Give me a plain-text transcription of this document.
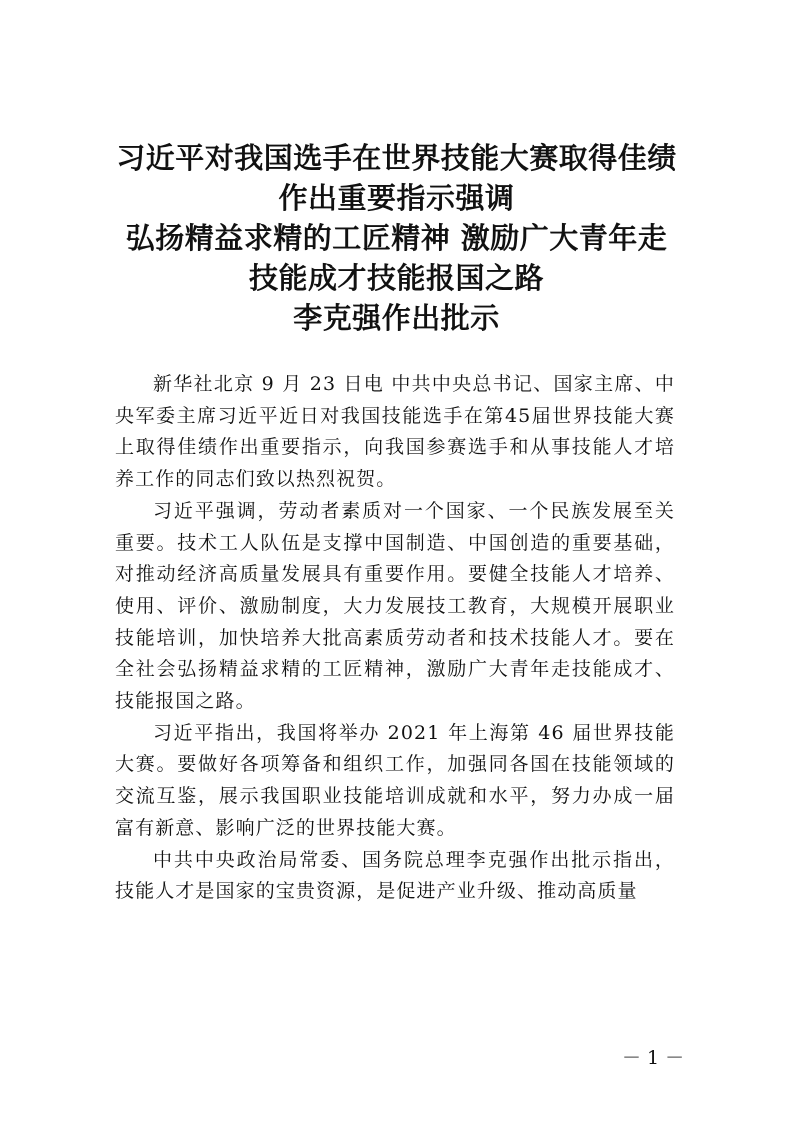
习近平对我国选手在世界技能大赛取得佳绩
作出重要指示强调
弘扬精益求精的工匠精神 激励广大青年走
技能成才技能报国之路
李克强作出批示

新华社北京 9 月 23 日电 中共中央总书记、国家主席、中央军委主席习近平近日对我国技能选手在第45届世界技能大赛上取得佳绩作出重要指示，向我国参赛选手和从事技能人才培养工作的同志们致以热烈祝贺。

习近平强调，劳动者素质对一个国家、一个民族发展至关重要。技术工人队伍是支撑中国制造、中国创造的重要基础，对推动经济高质量发展具有重要作用。要健全技能人才培养、使用、评价、激励制度，大力发展技工教育，大规模开展职业技能培训，加快培养大批高素质劳动者和技术技能人才。要在全社会弘扬精益求精的工匠精神，激励广大青年走技能成才、技能报国之路。

习近平指出，我国将举办 2021 年上海第 46 届世界技能大赛。要做好各项筹备和组织工作，加强同各国在技能领域的交流互鉴，展示我国职业技能培训成就和水平，努力办成一届富有新意、影响广泛的世界技能大赛。

中共中央政治局常委、国务院总理李克强作出批示指出，技能人才是国家的宝贵资源，是促进产业升级、推动高质量

－ 1 －
